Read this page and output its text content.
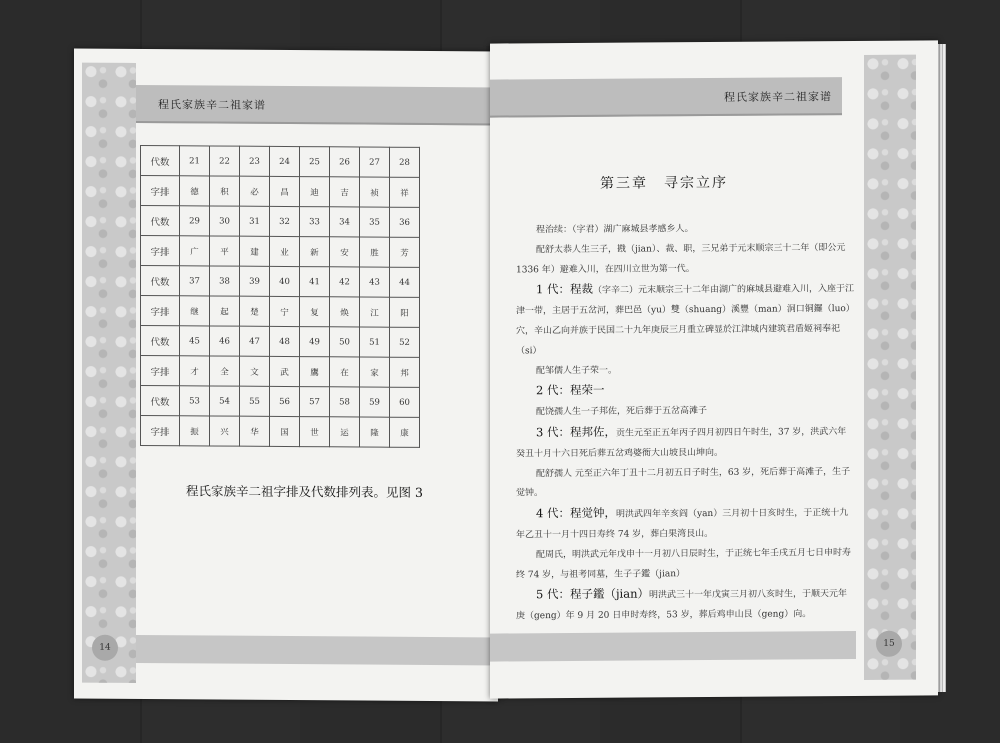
程氏家族辛二祖家谱
代数	21	22	23	24	25	26	27	28
字排	德	积	必	昌	迪	吉	祯	祥
代数	29	30	31	32	33	34	35	36
字排	广	平	建	业	新	安	胜	芳
代数	37	38	39	40	41	42	43	44
字排	继	起	楚	宁	复	焕	江	阳
代数	45	46	47	48	49	50	51	52
字排	才	全	文	武	鷹	在	家	邦
代数	53	54	55	56	57	58	59	60
字排	振	兴	华	国	世	运	隆	康
程氏家族辛二祖字排及代数排列表。见图 3
14
程氏家族辛二祖家谱
第三章　寻宗立序

程治续：（字君）湖广麻城县孝感乡人。

配舒太恭人生三子，戡（jian）、裁、职，三兄弟于元末顺宗三十二年（即公元 1336 年）避难入川，在四川立世为第一代。

1 代：程裁（字辛二）元末顺宗三十二年由湖广的麻城县避难入川，入座于江津一带，主居于五岔河，葬巴邑（yu）雙（shuang）溪豐（man）洞口铜鑼（luo）穴，辛山乙向并族于民国二十九年庚辰三月重立碑显於江津城内建筑君盾姬祠奉祀（si）

配邹儒人生子荣一。

2 代：程荣一

配饶孺人生一子邦佐，死后葬于五岔高滩子

3 代：程邦佐，贡生元至正五年丙子四月初四日午时生，37 岁，洪武六年癸丑十月十六日死后葬五岔鸡婆衙大山坡艮山坤向。

配舒孺人 元至正六年丁丑十二月初五日子时生，63 岁，死后葬于高滩子，生子觉钟。

4 代：程觉钟，明洪武四年辛亥阎（yan）三月初十日亥时生，于正统十九年乙丑十一月十四日寿终 74 岁，葬白果湾艮山。

配周氏，明洪武元年戊申十一月初八日辰时生，于正统七年壬戌五月七日申时寿终 74 岁，与祖考同墓，生子子鑑（jian）

5 代：程子鑑（jian）明洪武三十一年戊寅三月初八亥时生，于顺天元年庚（geng）年 9 月 20 日申时寿终，53 岁，葬后鸡申山艮（geng）向。

15
